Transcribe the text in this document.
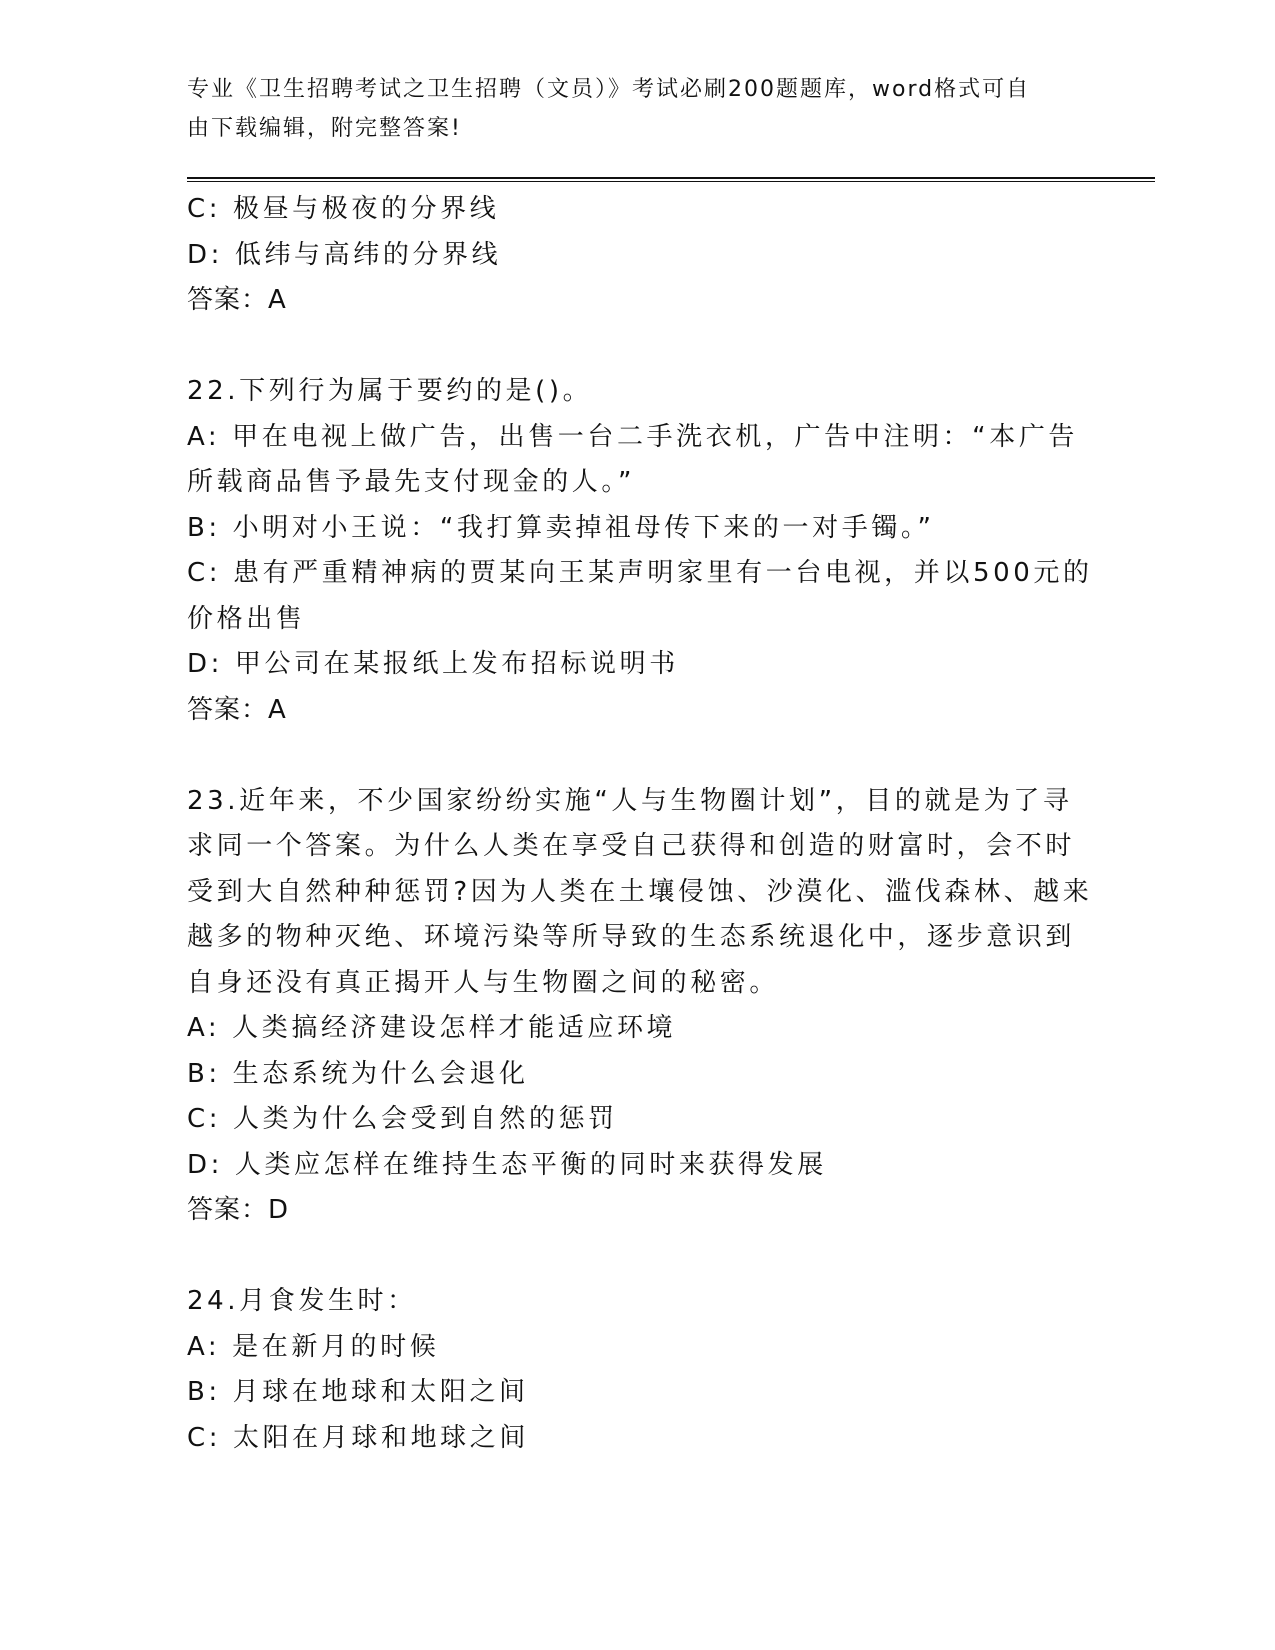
专业《卫生招聘考试之卫生招聘（文员）》考试必刷200题题库，word格式可自
由下载编辑，附完整答案!
C: 极昼与极夜的分界线
D: 低纬与高纬的分界线
答案：A
22.下列行为属于要约的是()。
A: 甲在电视上做广告，出售一台二手洗衣机，广告中注明：“本广告
所载商品售予最先支付现金的人。”
B: 小明对小王说：“我打算卖掉祖母传下来的一对手镯。”
C: 患有严重精神病的贾某向王某声明家里有一台电视，并以500元的
价格出售
D: 甲公司在某报纸上发布招标说明书
答案：A
23.近年来，不少国家纷纷实施“人与生物圈计划”，目的就是为了寻
求同一个答案。为什么人类在享受自己获得和创造的财富时，会不时
受到大自然种种惩罚?因为人类在土壤侵蚀、沙漠化、滥伐森林、越来
越多的物种灭绝、环境污染等所导致的生态系统退化中，逐步意识到
自身还没有真正揭开人与生物圈之间的秘密。
A: 人类搞经济建设怎样才能适应环境
B: 生态系统为什么会退化
C: 人类为什么会受到自然的惩罚
D: 人类应怎样在维持生态平衡的同时来获得发展
答案：D
24.月食发生时：
A: 是在新月的时候
B: 月球在地球和太阳之间
C: 太阳在月球和地球之间
